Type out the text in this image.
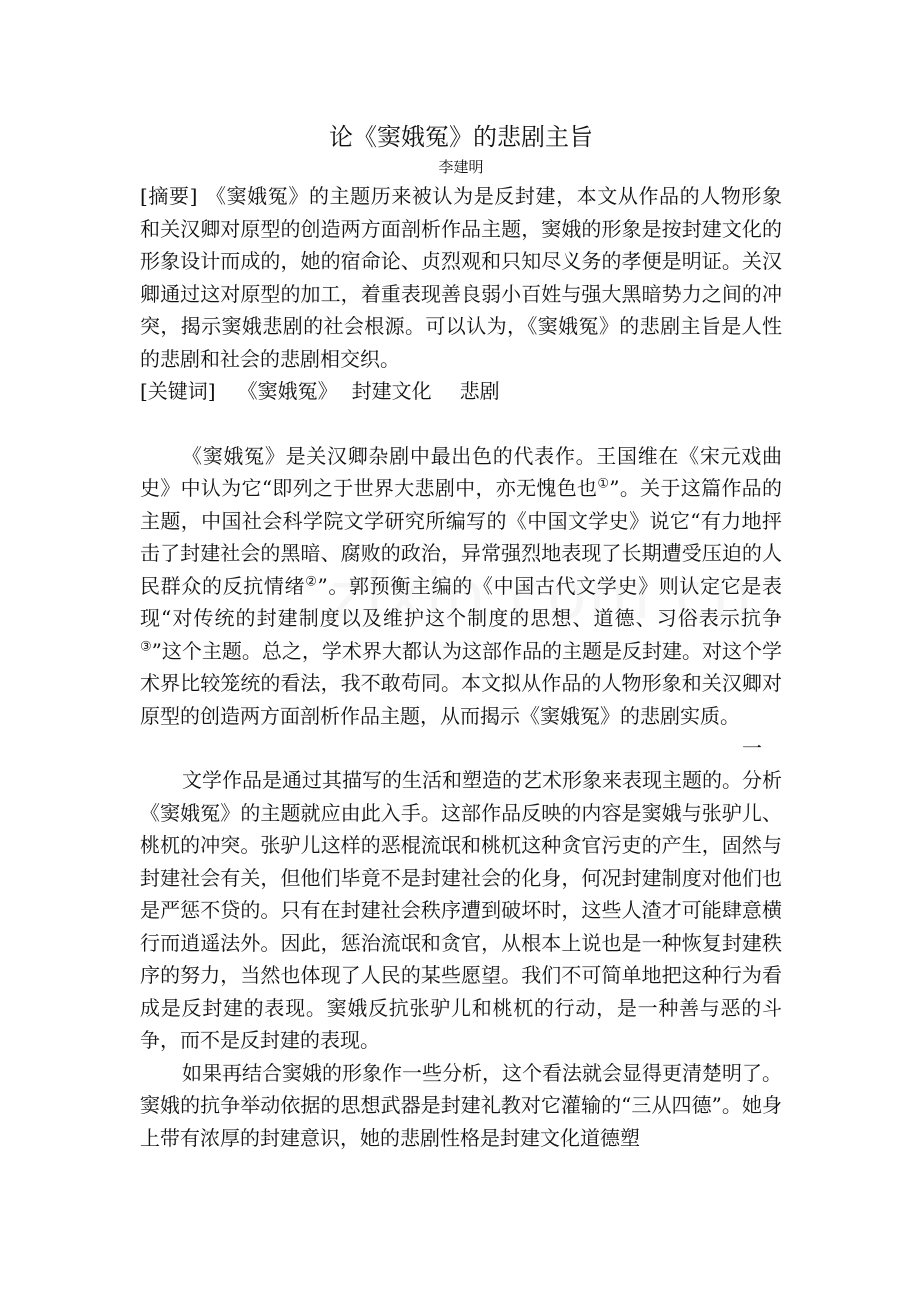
论《窦娥冤》的悲剧主旨

李建明

[摘要] 《窦娥冤》的主题历来被认为是反封建，本文从作品的人物形象和关汉卿对原型的创造两方面剖析作品主题，窦娥的形象是按封建文化的形象设计而成的，她的宿命论、贞烈观和只知尽义务的孝便是明证。关汉卿通过这对原型的加工，着重表现善良弱小百姓与强大黑暗势力之间的冲突，揭示窦娥悲剧的社会根源。可以认为，《窦娥冤》的悲剧主旨是人性的悲剧和社会的悲剧相交织。

[关键词] 《窦娥冤》 封建文化 悲剧

《窦娥冤》是关汉卿杂剧中最出色的代表作。王国维在《宋元戏曲史》中认为它“即列之于世界大悲剧中，亦无愧色也①”。关于这篇作品的主题，中国社会科学院文学研究所编写的《中国文学史》说它“有力地抨击了封建社会的黑暗、腐败的政治，异常强烈地表现了长期遭受压迫的人民群众的反抗情绪②”。郭预衡主编的《中国古代文学史》则认定它是表现“对传统的封建制度以及维护这个制度的思想、道德、习俗表示抗争③”这个主题。总之，学术界大都认为这部作品的主题是反封建。对这个学术界比较笼统的看法，我不敢苟同。本文拟从作品的人物形象和关汉卿对原型的创造两方面剖析作品主题，从而揭示《窦娥冤》的悲剧实质。

一

文学作品是通过其描写的生活和塑造的艺术形象来表现主题的。分析《窦娥冤》的主题就应由此入手。这部作品反映的内容是窦娥与张驴儿、桃杌的冲突。张驴儿这样的恶棍流氓和桃杌这种贪官污吏的产生，固然与封建社会有关，但他们毕竟不是封建社会的化身，何况封建制度对他们也是严惩不贷的。只有在封建社会秩序遭到破坏时，这些人渣才可能肆意横行而逍遥法外。因此，惩治流氓和贪官，从根本上说也是一种恢复封建秩序的努力，当然也体现了人民的某些愿望。我们不可简单地把这种行为看成是反封建的表现。窦娥反抗张驴儿和桃杌的行动，是一种善与恶的斗争，而不是反封建的表现。

如果再结合窦娥的形象作一些分析，这个看法就会显得更清楚明了。窦娥的抗争举动依据的思想武器是封建礼教对它灌输的“三从四德”。她身上带有浓厚的封建意识，她的悲剧性格是封建文化道德塑
